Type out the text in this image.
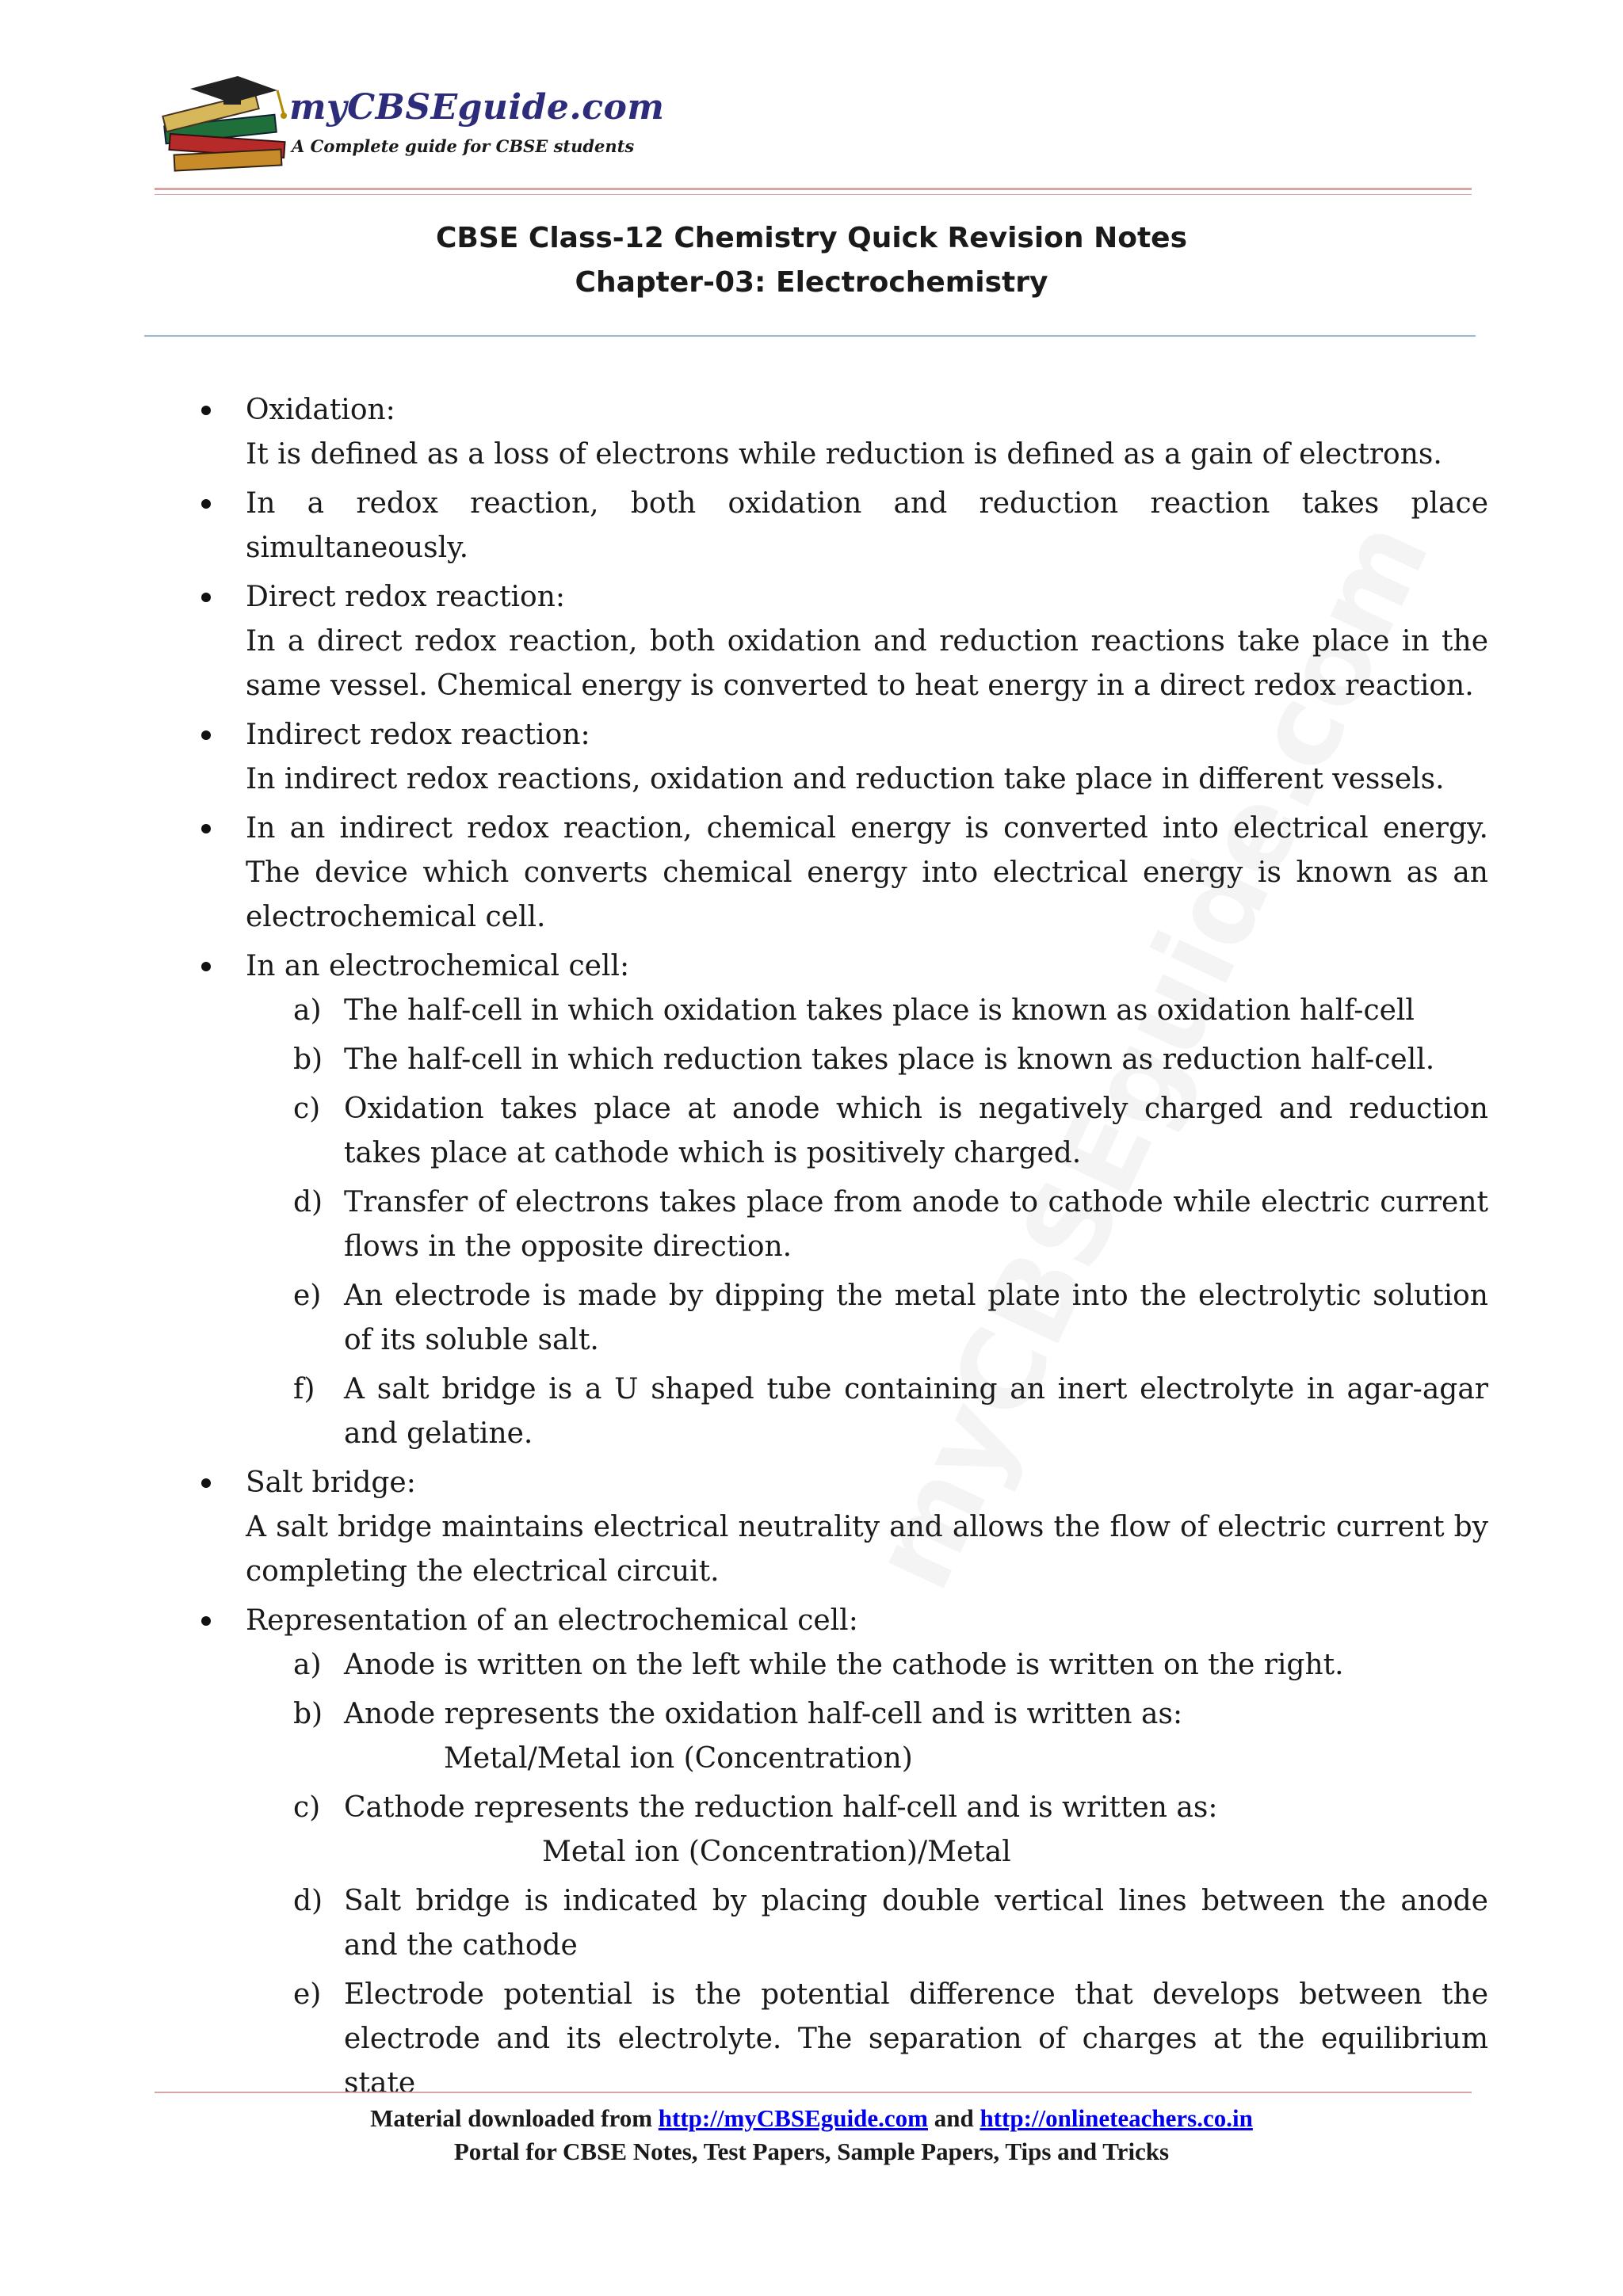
myCBSEguide.com
A Complete guide for CBSE students
CBSE Class-12 Chemistry Quick Revision Notes
Chapter-03: Electrochemistry
Oxidation:
It is defined as a loss of electrons while reduction is defined as a gain of electrons.
In a redox reaction, both oxidation and reduction reaction takes place simultaneously.
Direct redox reaction:
In a direct redox reaction, both oxidation and reduction reactions take place in the same vessel. Chemical energy is converted to heat energy in a direct redox reaction.
Indirect redox reaction:
In indirect redox reactions, oxidation and reduction take place in different vessels.
In an indirect redox reaction, chemical energy is converted into electrical energy. The device which converts chemical energy into electrical energy is known as an electrochemical cell.
In an electrochemical cell:
a) The half-cell in which oxidation takes place is known as oxidation half-cell
b) The half-cell in which reduction takes place is known as reduction half-cell.
c) Oxidation takes place at anode which is negatively charged and reduction takes place at cathode which is positively charged.
d) Transfer of electrons takes place from anode to cathode while electric current flows in the opposite direction.
e) An electrode is made by dipping the metal plate into the electrolytic solution of its soluble salt.
f) A salt bridge is a U shaped tube containing an inert electrolyte in agar-agar and gelatine.
Salt bridge:
A salt bridge maintains electrical neutrality and allows the flow of electric current by completing the electrical circuit.
Representation of an electrochemical cell:
a) Anode is written on the left while the cathode is written on the right.
b) Anode represents the oxidation half-cell and is written as:
Metal/Metal ion (Concentration)
c) Cathode represents the reduction half-cell and is written as:
Metal ion (Concentration)/Metal
d) Salt bridge is indicated by placing double vertical lines between the anode and the cathode
e) Electrode potential is the potential difference that develops between the electrode and its electrolyte. The separation of charges at the equilibrium state
Material downloaded from http://myCBSEguide.com and http://onlineteachers.co.in
Portal for CBSE Notes, Test Papers, Sample Papers, Tips and Tricks
